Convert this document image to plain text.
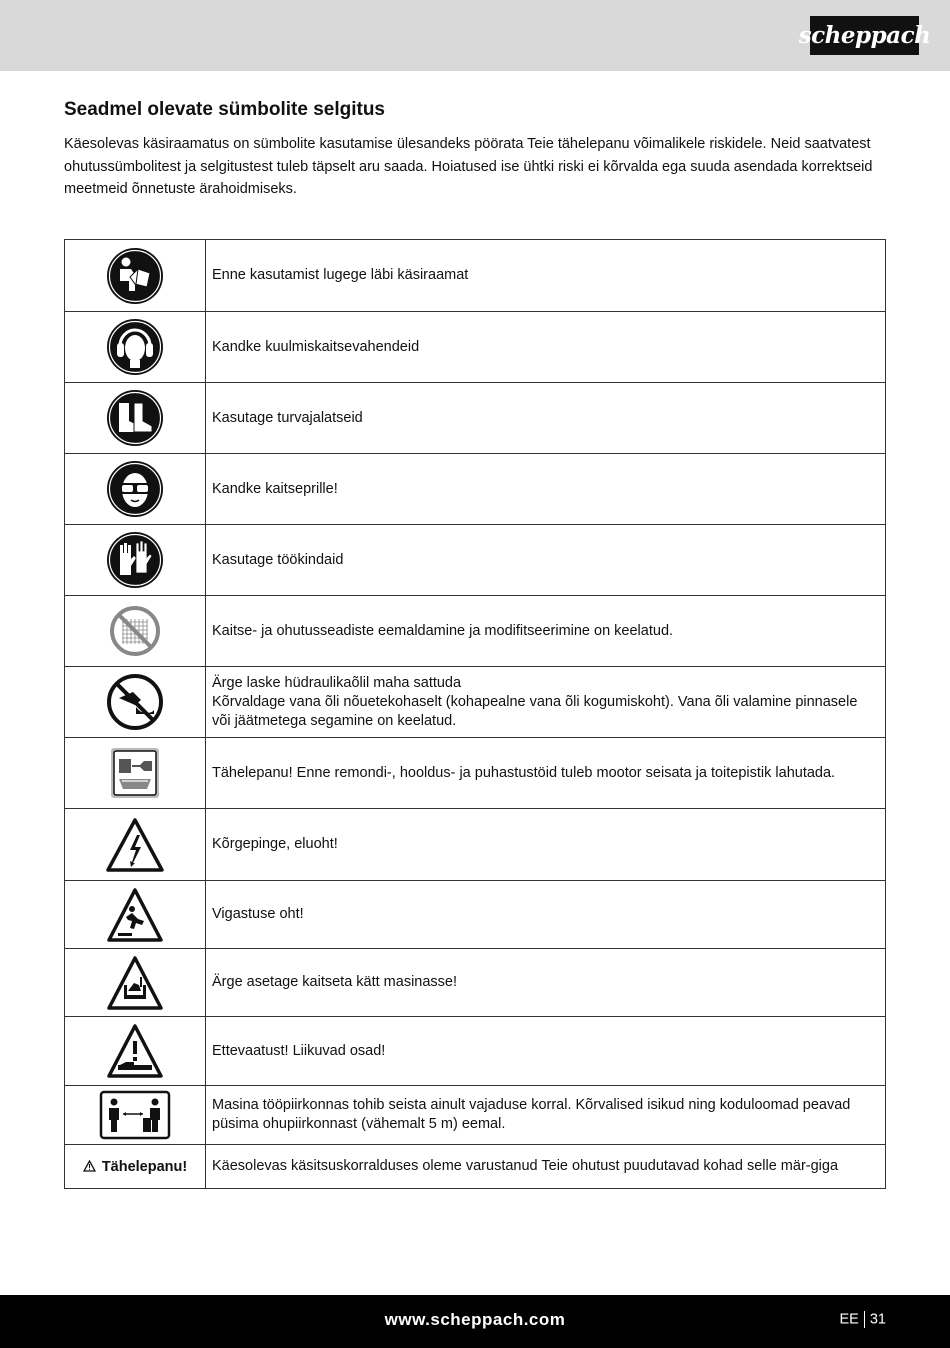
scheppach
Seadmel olevate sümbolite selgitus

Käesolevas käsiraamatus on sümbolite kasutamise ülesandeks pöörata Teie tähelepanu võimalikele riskidele. Neid saatvatest ohutussümbolitest ja selgitustest tuleb täpselt aru saada. Hoiatused ise ühtki riski ei kõrvalda ega suuda asendada korrektseid meetmeid õnnetuste ärahoidmiseks.

	Enne kasutamist lugege läbi käsiraamat

	Kandke kuulmiskaitsevahendeid

	Kasutage turvajalatseid

	Kandke kaitseprille!

	Kasutage töökindaid

	Kaitse- ja ohutusseadiste eemaldamine ja modifitseerimine on keelatud.

Ärge laske hüdraulikaõlil maha sattuda
Kõrvaldage vana õli nõuetekohaselt (kohapealne vana õli kogumiskoht). Vana õli valamine pinnasele või jäätmetega segamine on keelatud.

	Tähelepanu! Enne remondi-, hooldus- ja puhastustöid tuleb mootor seisata ja toitepistik lahutada.

	Kõrgepinge, eluoht!

	Vigastuse oht!

	Ärge asetage kaitseta kätt masinasse!

	Ettevaatust! Liikuvad osad!

	Masina tööpiirkonnas tohib seista ainult vajaduse korral. Kõrvalised isikud ning koduloomad peavad püsima ohupiirkonnast (vähemalt 5 m) eemal.
Tähelepanu!	Käesolevas käsitsuskorralduses oleme varustanud Teie ohutust puudutavad kohad selle mär-giga
www.scheppach.com	EE 31
